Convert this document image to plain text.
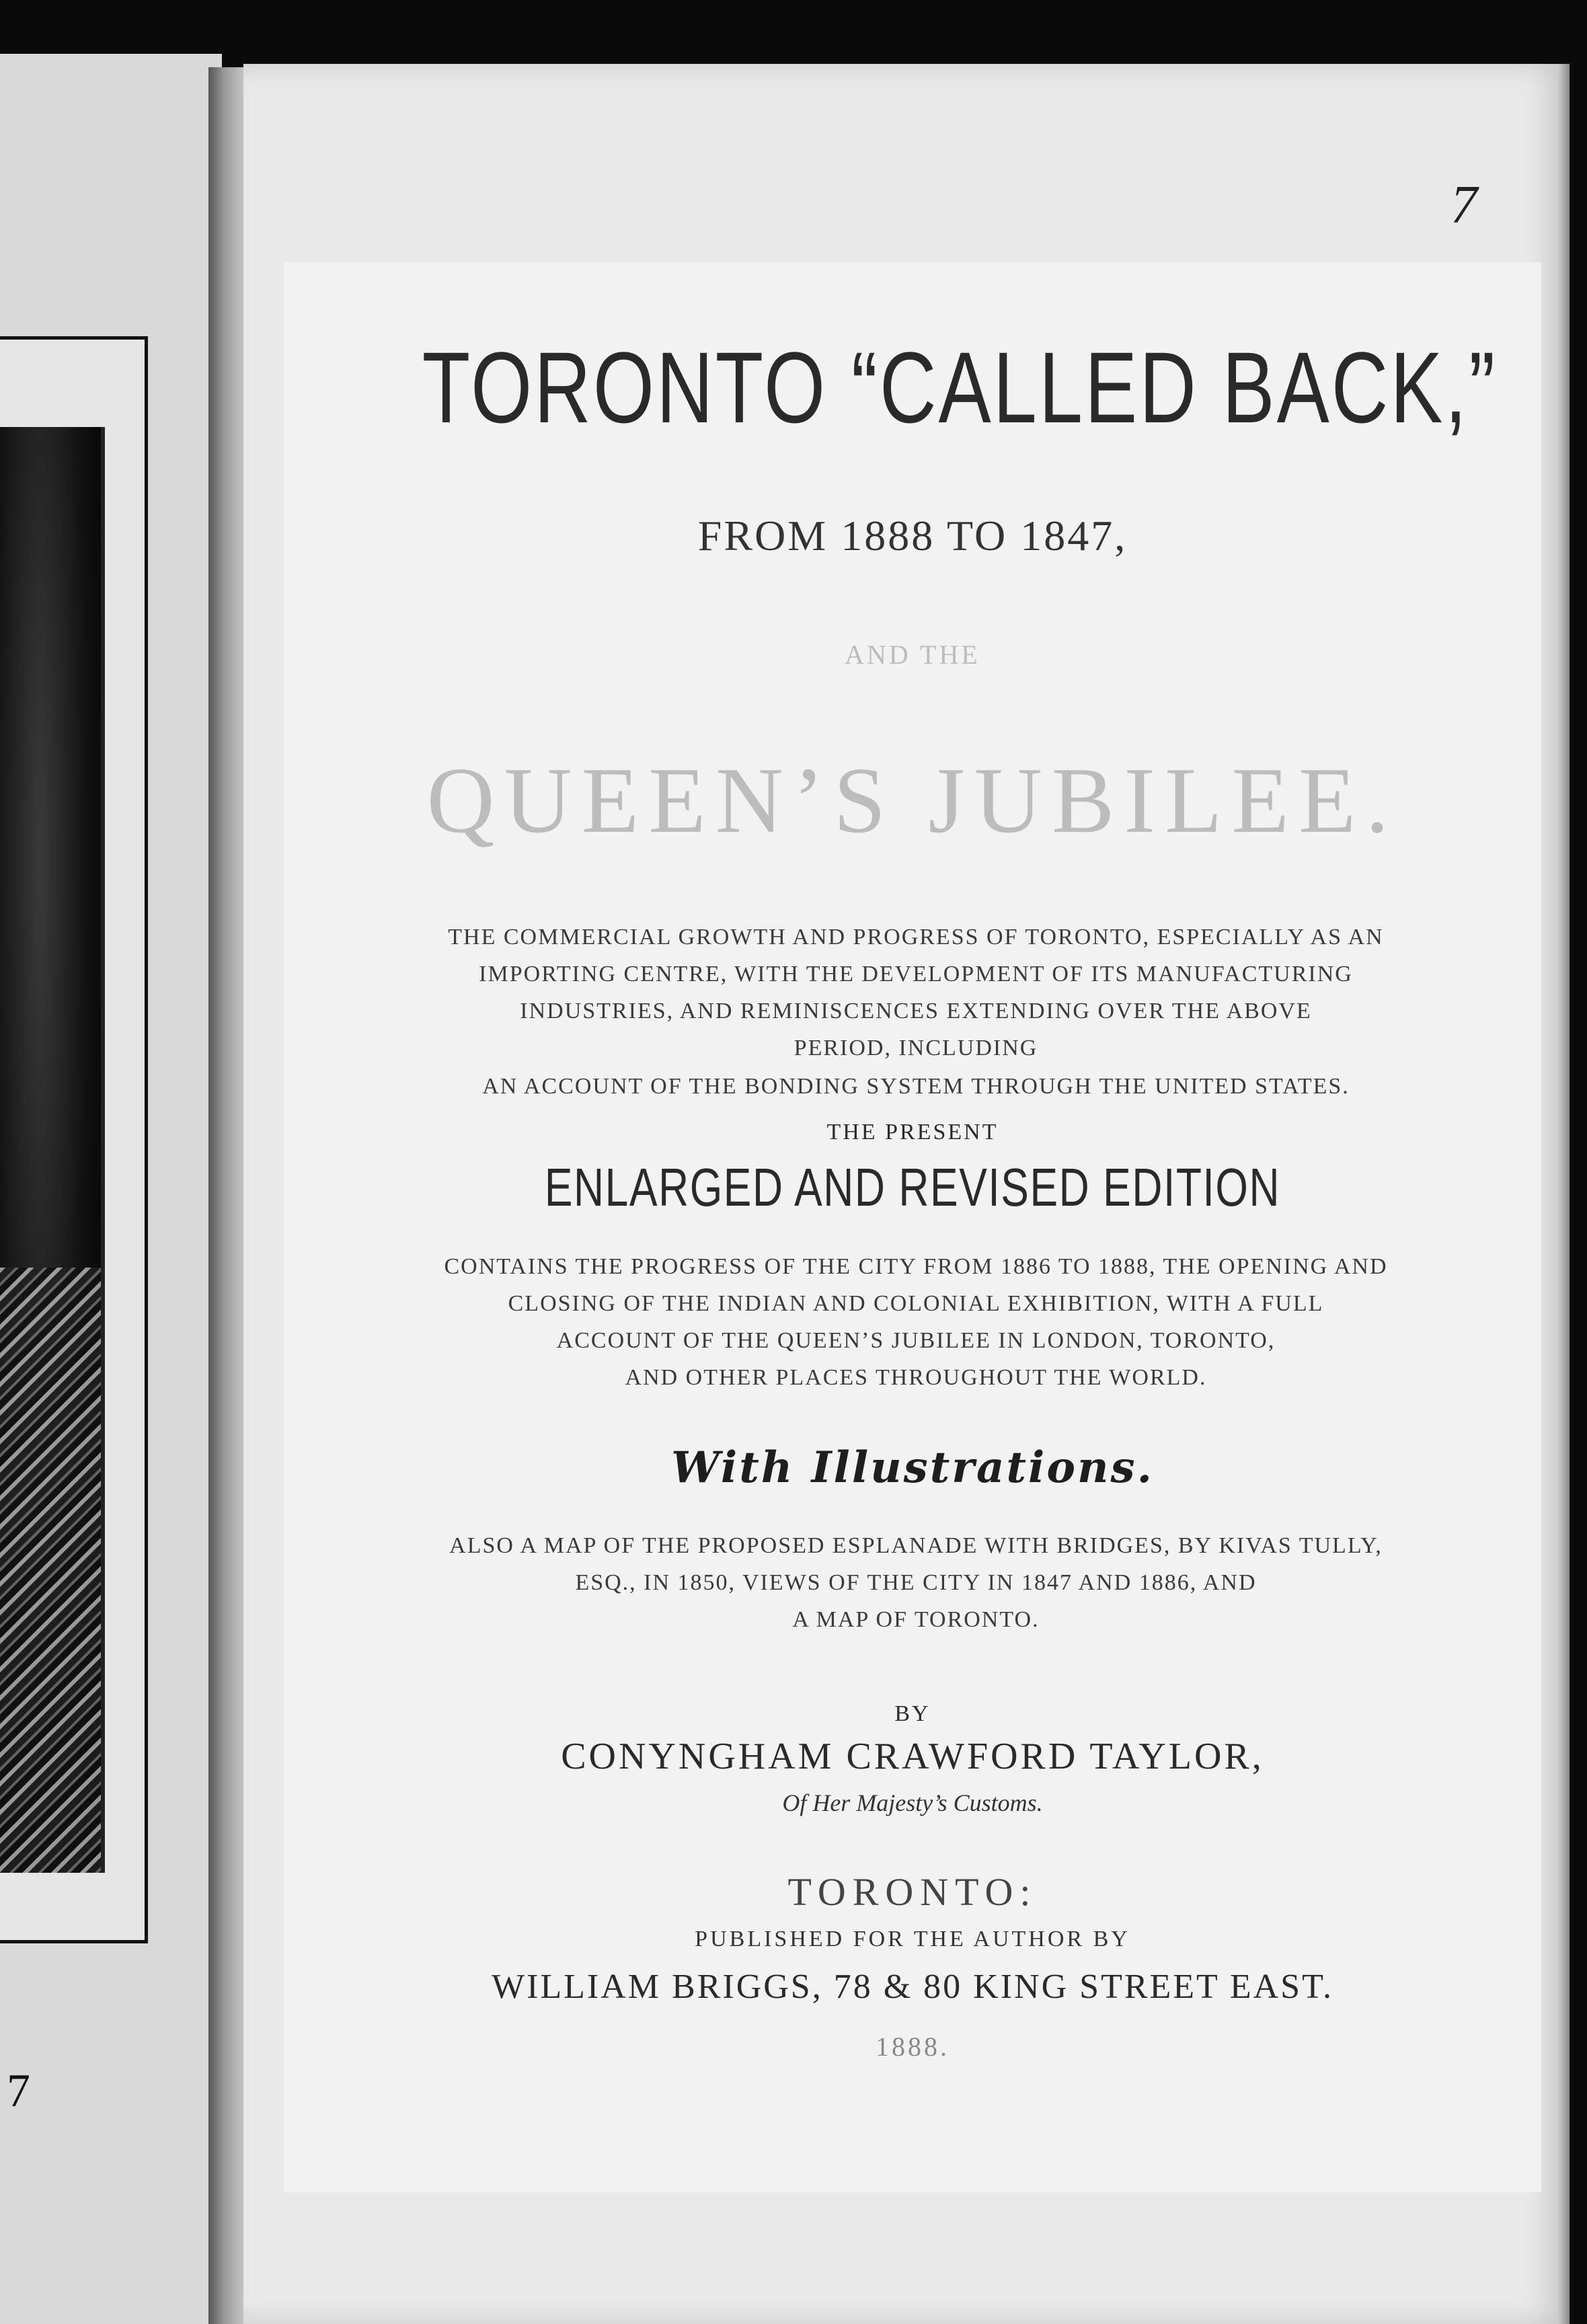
7
7
TORONTO “CALLED BACK,”
FROM 1888 TO 1847,
AND THE
QUEEN’S JUBILEE.
THE COMMERCIAL GROWTH AND PROGRESS OF TORONTO, ESPECIALLY AS AN
IMPORTING CENTRE, WITH THE DEVELOPMENT OF ITS MANUFACTURING
INDUSTRIES, AND REMINISCENCES EXTENDING OVER THE ABOVE
PERIOD, INCLUDING
AN ACCOUNT OF THE BONDING SYSTEM THROUGH THE UNITED STATES.
THE PRESENT
ENLARGED AND REVISED EDITION
CONTAINS THE PROGRESS OF THE CITY FROM 1886 TO 1888, THE OPENING AND
CLOSING OF THE INDIAN AND COLONIAL EXHIBITION, WITH A FULL
ACCOUNT OF THE QUEEN’S JUBILEE IN LONDON, TORONTO,
AND OTHER PLACES THROUGHOUT THE WORLD.
With Illustrations.
ALSO A MAP OF THE PROPOSED ESPLANADE WITH BRIDGES, BY KIVAS TULLY,
ESQ., IN 1850, VIEWS OF THE CITY IN 1847 AND 1886, AND
A MAP OF TORONTO.
BY
CONYNGHAM CRAWFORD TAYLOR,
Of Her Majesty’s Customs.
TORONTO:
PUBLISHED FOR THE AUTHOR BY
WILLIAM BRIGGS, 78 & 80 KING STREET EAST.
1888.
